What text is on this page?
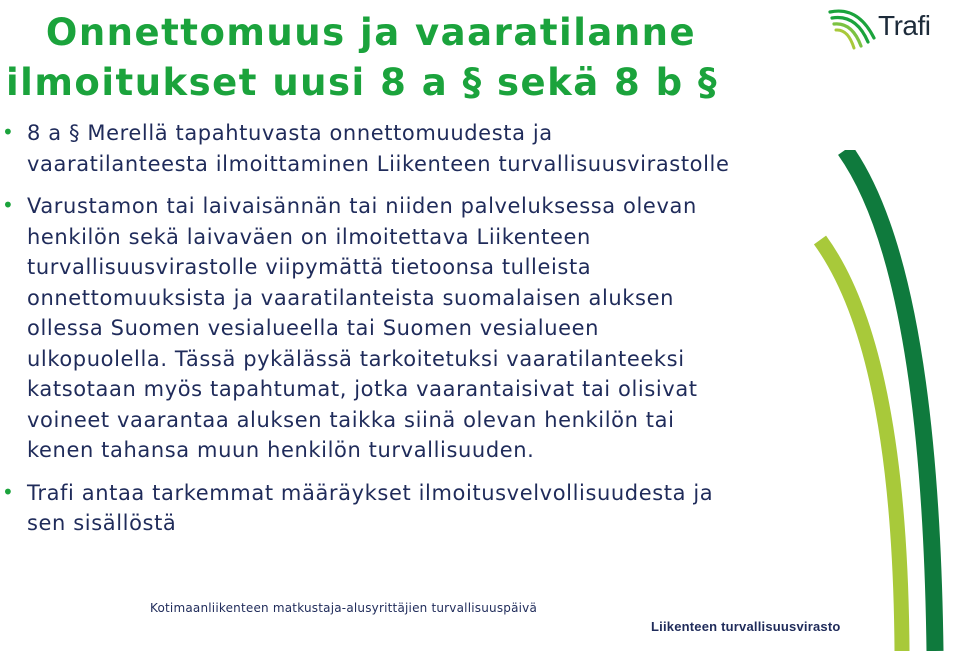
Onnettomuus ja vaaratilanne
ilmoitukset uusi 8 a § sekä 8 b §
Trafi
• 8 a § Merellä tapahtuvasta onnettomuudesta ja
vaaratilanteesta ilmoittaminen Liikenteen turvallisuusvirastolle
• Varustamon tai laivaisännän tai niiden palveluksessa olevan
henkilön sekä laivaväen on ilmoitettava Liikenteen
turvallisuusvirastolle viipymättä tietoonsa tulleista
onnettomuuksista ja vaaratilanteista suomalaisen aluksen
ollessa Suomen vesialueella tai Suomen vesialueen
ulkopuolella. Tässä pykälässä tarkoitetuksi vaaratilanteeksi
katsotaan myös tapahtumat, jotka vaarantaisivat tai olisivat
voineet vaarantaa aluksen taikka siinä olevan henkilön tai
kenen tahansa muun henkilön turvallisuuden.
• Trafi antaa tarkemmat määräykset ilmoitusvelvollisuudesta ja
sen sisällöstä
Kotimaanliikenteen matkustaja-alusyrittäjien turvallisuuspäivä
Liikenteen turvallisuusvirasto
